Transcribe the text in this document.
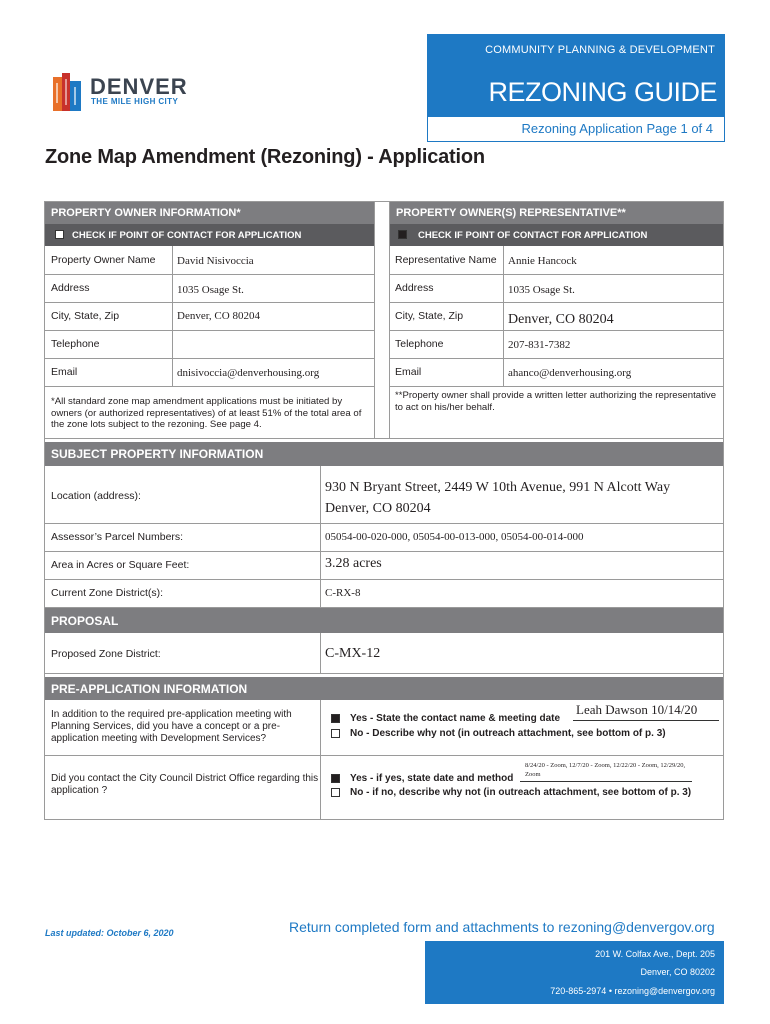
COMMUNITY PLANNING & DEVELOPMENT
REZONING GUIDE
Rezoning Application Page 1 of 4
DENVER
THE MILE HIGH CITY
Zone Map Amendment (Rezoning) - Application
PROPERTY OWNER INFORMATION*
CHECK IF POINT OF CONTACT FOR APPLICATION
PROPERTY OWNER(S) REPRESENTATIVE**
CHECK IF POINT OF CONTACT FOR APPLICATION
Property Owner Name David Nisivoccia
Address	1035 Osage St.
City, State, Zip	Denver, CO 80204
Telephone
Email	dnisivoccia@denverhousing.org
*All standard zone map amendment applications must be initiated by owners (or authorized representatives) of at least 51% of the total area of the zone lots subject to the rezoning. See page 4.
Representative Name Annie Hancock
Address	1035 Osage St.
City, State, Zip	Denver, CO 80204
Telephone	207-831-7382
Email	ahanco@denverhousing.org
**Property owner shall provide a written letter authorizing the representative to act on his/her behalf.
SUBJECT PROPERTY INFORMATION
Location (address):
930 N Bryant Street, 2449 W 10th Avenue, 991 N Alcott Way
Denver, CO 80204
Assessor’s Parcel Numbers:	05054-00-020-000, 05054-00-013-000, 05054-00-014-000
Area in Acres or Square Feet:	3.28 acres
Current Zone District(s):	C-RX-8
PROPOSAL
Proposed Zone District:	C-MX-12
PRE-APPLICATION INFORMATION
In addition to the required pre-application meeting with Planning Services, did you have a concept or a pre-application meeting with Development Services?
Yes - State the contact name & meeting date
Leah Dawson 10/14/20
No - Describe why not (in outreach attachment, see bottom of p. 3)
Did you contact the City Council District Office regarding this application ?
8/24/20 - Zoom, 12/7/20 - Zoom, 12/22/20 - Zoom, 12/29/20,
Zoom
Yes - if yes, state date and method
No - if no, describe why not (in outreach attachment, see bottom of p. 3)
Last updated: October 6, 2020	Return completed form and attachments to rezoning@denvergov.org
201 W. Colfax Ave., Dept. 205
Denver, CO 80202
720-865-2974 • rezoning@denvergov.org
